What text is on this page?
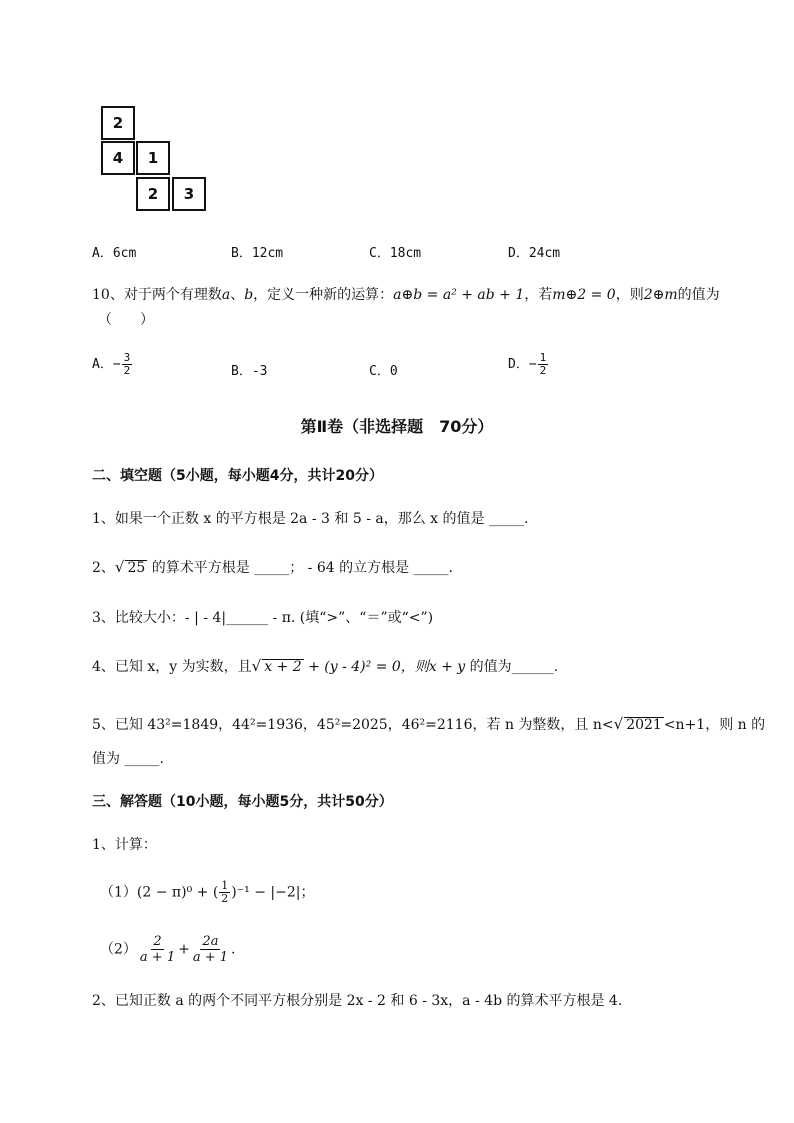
2
4	1
2	3
A．6cm	B．12cm	C．18cm	D．24cm
10、对于两个有理数a、b，定义一种新的运算：a⊕b = a² + ab + 1，若m⊕2 = 0，则2⊕m的值为
（　　）
A．− $\frac{3}{2}$	B．-3	C．0	D．− $\frac{1}{2}$
第Ⅱ卷（非选择题　70分）
二、填空题（5小题，每小题4分，共计20分）
1、如果一个正数 x 的平方根是 2a - 3 和 5 - a，那么 x 的值是 _____.
2、√ 25 的算术平方根是 _____； - 64 的立方根是 _____.
3、比较大小：- | - 4|______ - π. (填“>”、“＝”或“<”)
4、已知 x，y 为实数，且√ x + 2 + (y - 4)² = 0，则x + y 的值为______.
5、已知 43²=1849，44²=1936，45²=2025，46²=2116，若 n 为整数，且 n<√ 2021 <n+1，则 n 的
值为 _____.
三、解答题（10小题，每小题5分，共计50分）
1、计算：
（1）(2 − π)⁰ + ( $\frac{1}{2} )^{-1} - |-2|$；
$(2) \frac{2}{a + 1} + \frac{2a}{a + 1}$ .
2、已知正数 a 的两个不同平方根分别是 2x - 2 和 6 - 3x，a - 4b 的算术平方根是 4.
